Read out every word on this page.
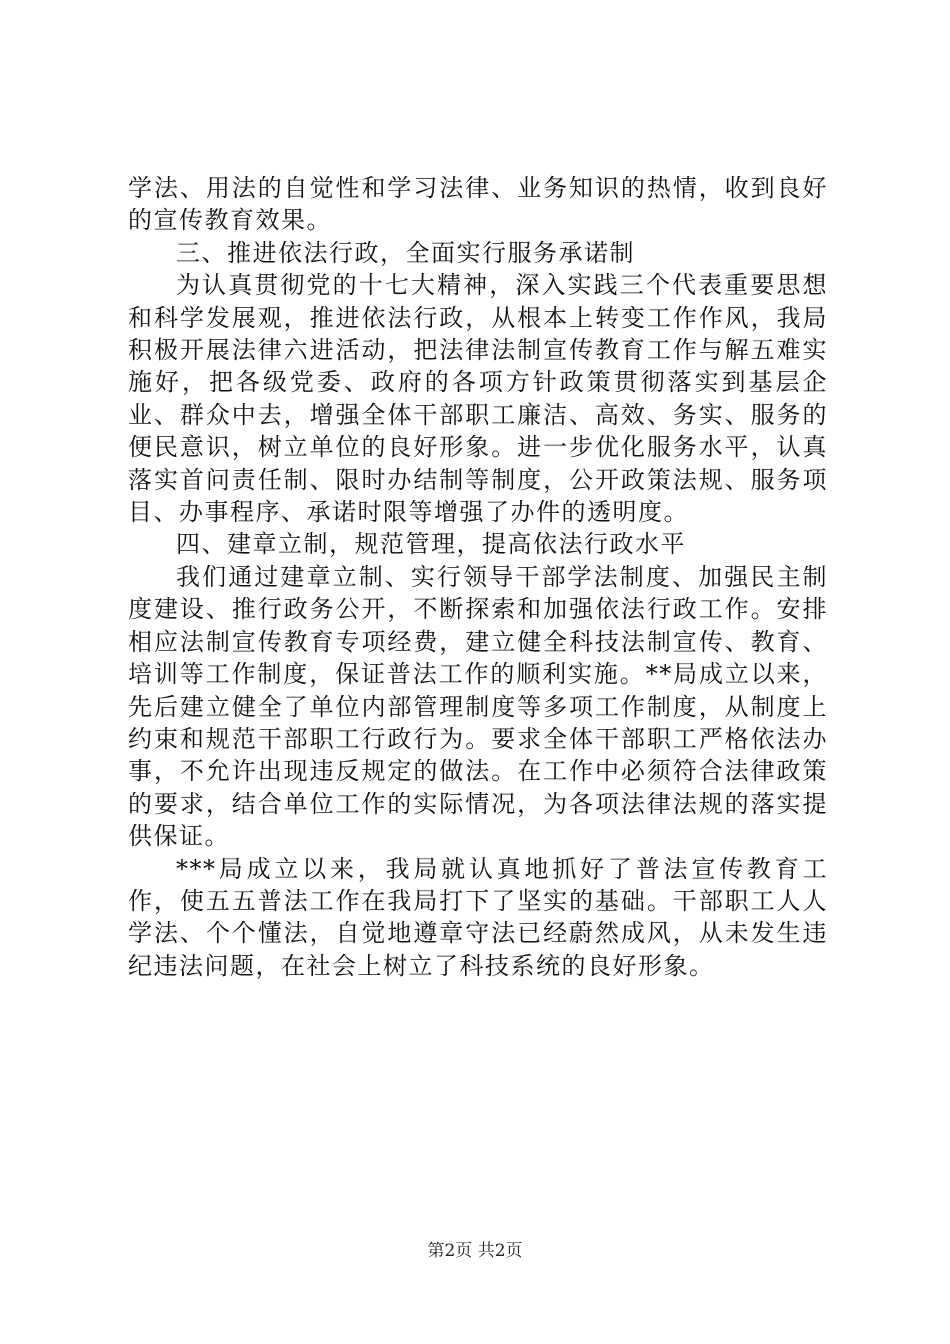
学法、用法的自觉性和学习法律、业务知识的热情，收到良好的宣传教育效果。

三、推进依法行政，全面实行服务承诺制

为认真贯彻党的十七大精神，深入实践三个代表重要思想和科学发展观，推进依法行政，从根本上转变工作作风，我局积极开展法律六进活动，把法律法制宣传教育工作与解五难实施好，把各级党委、政府的各项方针政策贯彻落实到基层企业、群众中去，增强全体干部职工廉洁、高效、务实、服务的便民意识，树立单位的良好形象。进一步优化服务水平，认真落实首问责任制、限时办结制等制度，公开政策法规、服务项目、办事程序、承诺时限等增强了办件的透明度。

四、建章立制，规范管理，提高依法行政水平

我们通过建章立制、实行领导干部学法制度、加强民主制度建设、推行政务公开，不断探索和加强依法行政工作。安排相应法制宣传教育专项经费，建立健全科技法制宣传、教育、培训等工作制度，保证普法工作的顺利实施。**局成立以来，先后建立健全了单位内部管理制度等多项工作制度，从制度上约束和规范干部职工行政行为。要求全体干部职工严格依法办事，不允许出现违反规定的做法。在工作中必须符合法律政策的要求，结合单位工作的实际情况，为各项法律法规的落实提供保证。

***局成立以来，我局就认真地抓好了普法宣传教育工作，使五五普法工作在我局打下了坚实的基础。干部职工人人学法、个个懂法，自觉地遵章守法已经蔚然成风，从未发生违纪违法问题，在社会上树立了科技系统的良好形象。

第2页 共2页
